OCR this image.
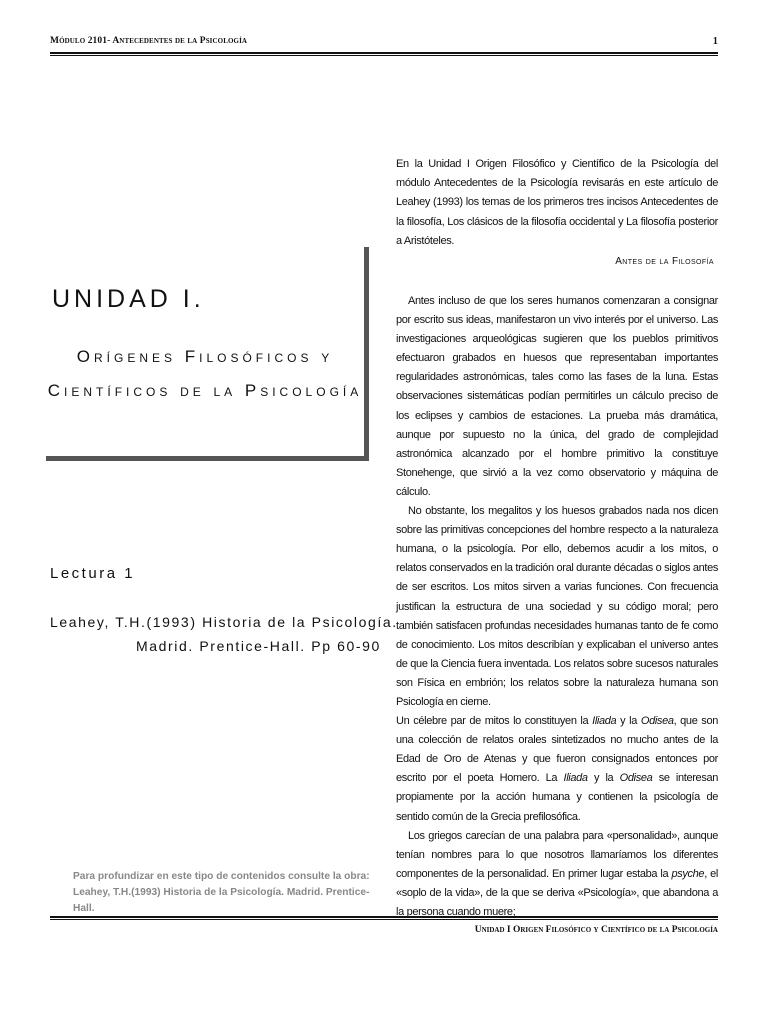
Módulo 2101- Antecedentes de la Psicología	1
UNIDAD I.
Orígenes Filosóficos y
Científicos de la Psicología
Lectura 1
Leahey, T.H.(1993) Historia de la Psicología.
Madrid. Prentice-Hall. Pp 60-90
Para profundizar en este tipo de contenidos consulte la obra:
Leahey, T.H.(1993) Historia de la Psicología. Madrid. Prentice-Hall.

En la Unidad I Origen Filosófico y Científico de la Psicología del módulo Antecedentes de la Psicología revisarás en este artículo de Leahey (1993) los temas de los primeros tres incisos Antecedentes de la filosofía, Los clásicos de la filosofía occidental y La filosofía posterior a Aristóteles.

Antes de la Filosofía

Antes incluso de que los seres humanos comenzaran a consignar por escrito sus ideas, manifestaron un vivo interés por el universo. Las investigaciones arqueológicas sugieren que los pueblos primitivos efectuaron grabados en huesos que representaban importantes regularidades astronómicas, tales como las fases de la luna. Estas observaciones sistemáticas podían permitirles un cálculo preciso de los eclipses y cambios de estaciones. La prueba más dramática, aunque por supuesto no la única, del grado de complejidad astronómica alcanzado por el hombre primitivo la constituye Stonehenge, que sirvió a la vez como observatorio y máquina de cálculo.

No obstante, los megalitos y los huesos grabados nada nos dicen sobre las primitivas concepciones del hombre respecto a la naturaleza humana, o la psicología. Por ello, debemos acudir a los mitos, o relatos conservados en la tradición oral durante décadas o siglos antes de ser escritos. Los mitos sirven a varias funciones. Con frecuencia justifican la estructura de una sociedad y su código moral; pero también satisfacen profundas necesidades humanas tanto de fe como de conocimiento. Los mitos describían y explicaban el universo antes de que la Ciencia fuera inventada. Los relatos sobre sucesos naturales son Física en embrión; los relatos sobre la naturaleza humana son Psicología en cierne.

Un célebre par de mitos lo constituyen la Iliada y la Odisea, que son una colección de relatos orales sintetizados no mucho antes de la Edad de Oro de Atenas y que fueron consignados entonces por escrito por el poeta Homero. La Iliada y la Odisea se interesan propiamente por la acción humana y contienen la psicología de sentido común de la Grecia prefilosófica.

Los griegos carecían de una palabra para «personalidad», aunque tenían nombres para lo que nosotros llamaríamos los diferentes componentes de la personalidad. En primer lugar estaba la psyche, el «soplo de la vida», de la que se deriva «Psicología», que abandona a la persona cuando muere;

Unidad I Origen Filosófico y Científico de la Psicología
